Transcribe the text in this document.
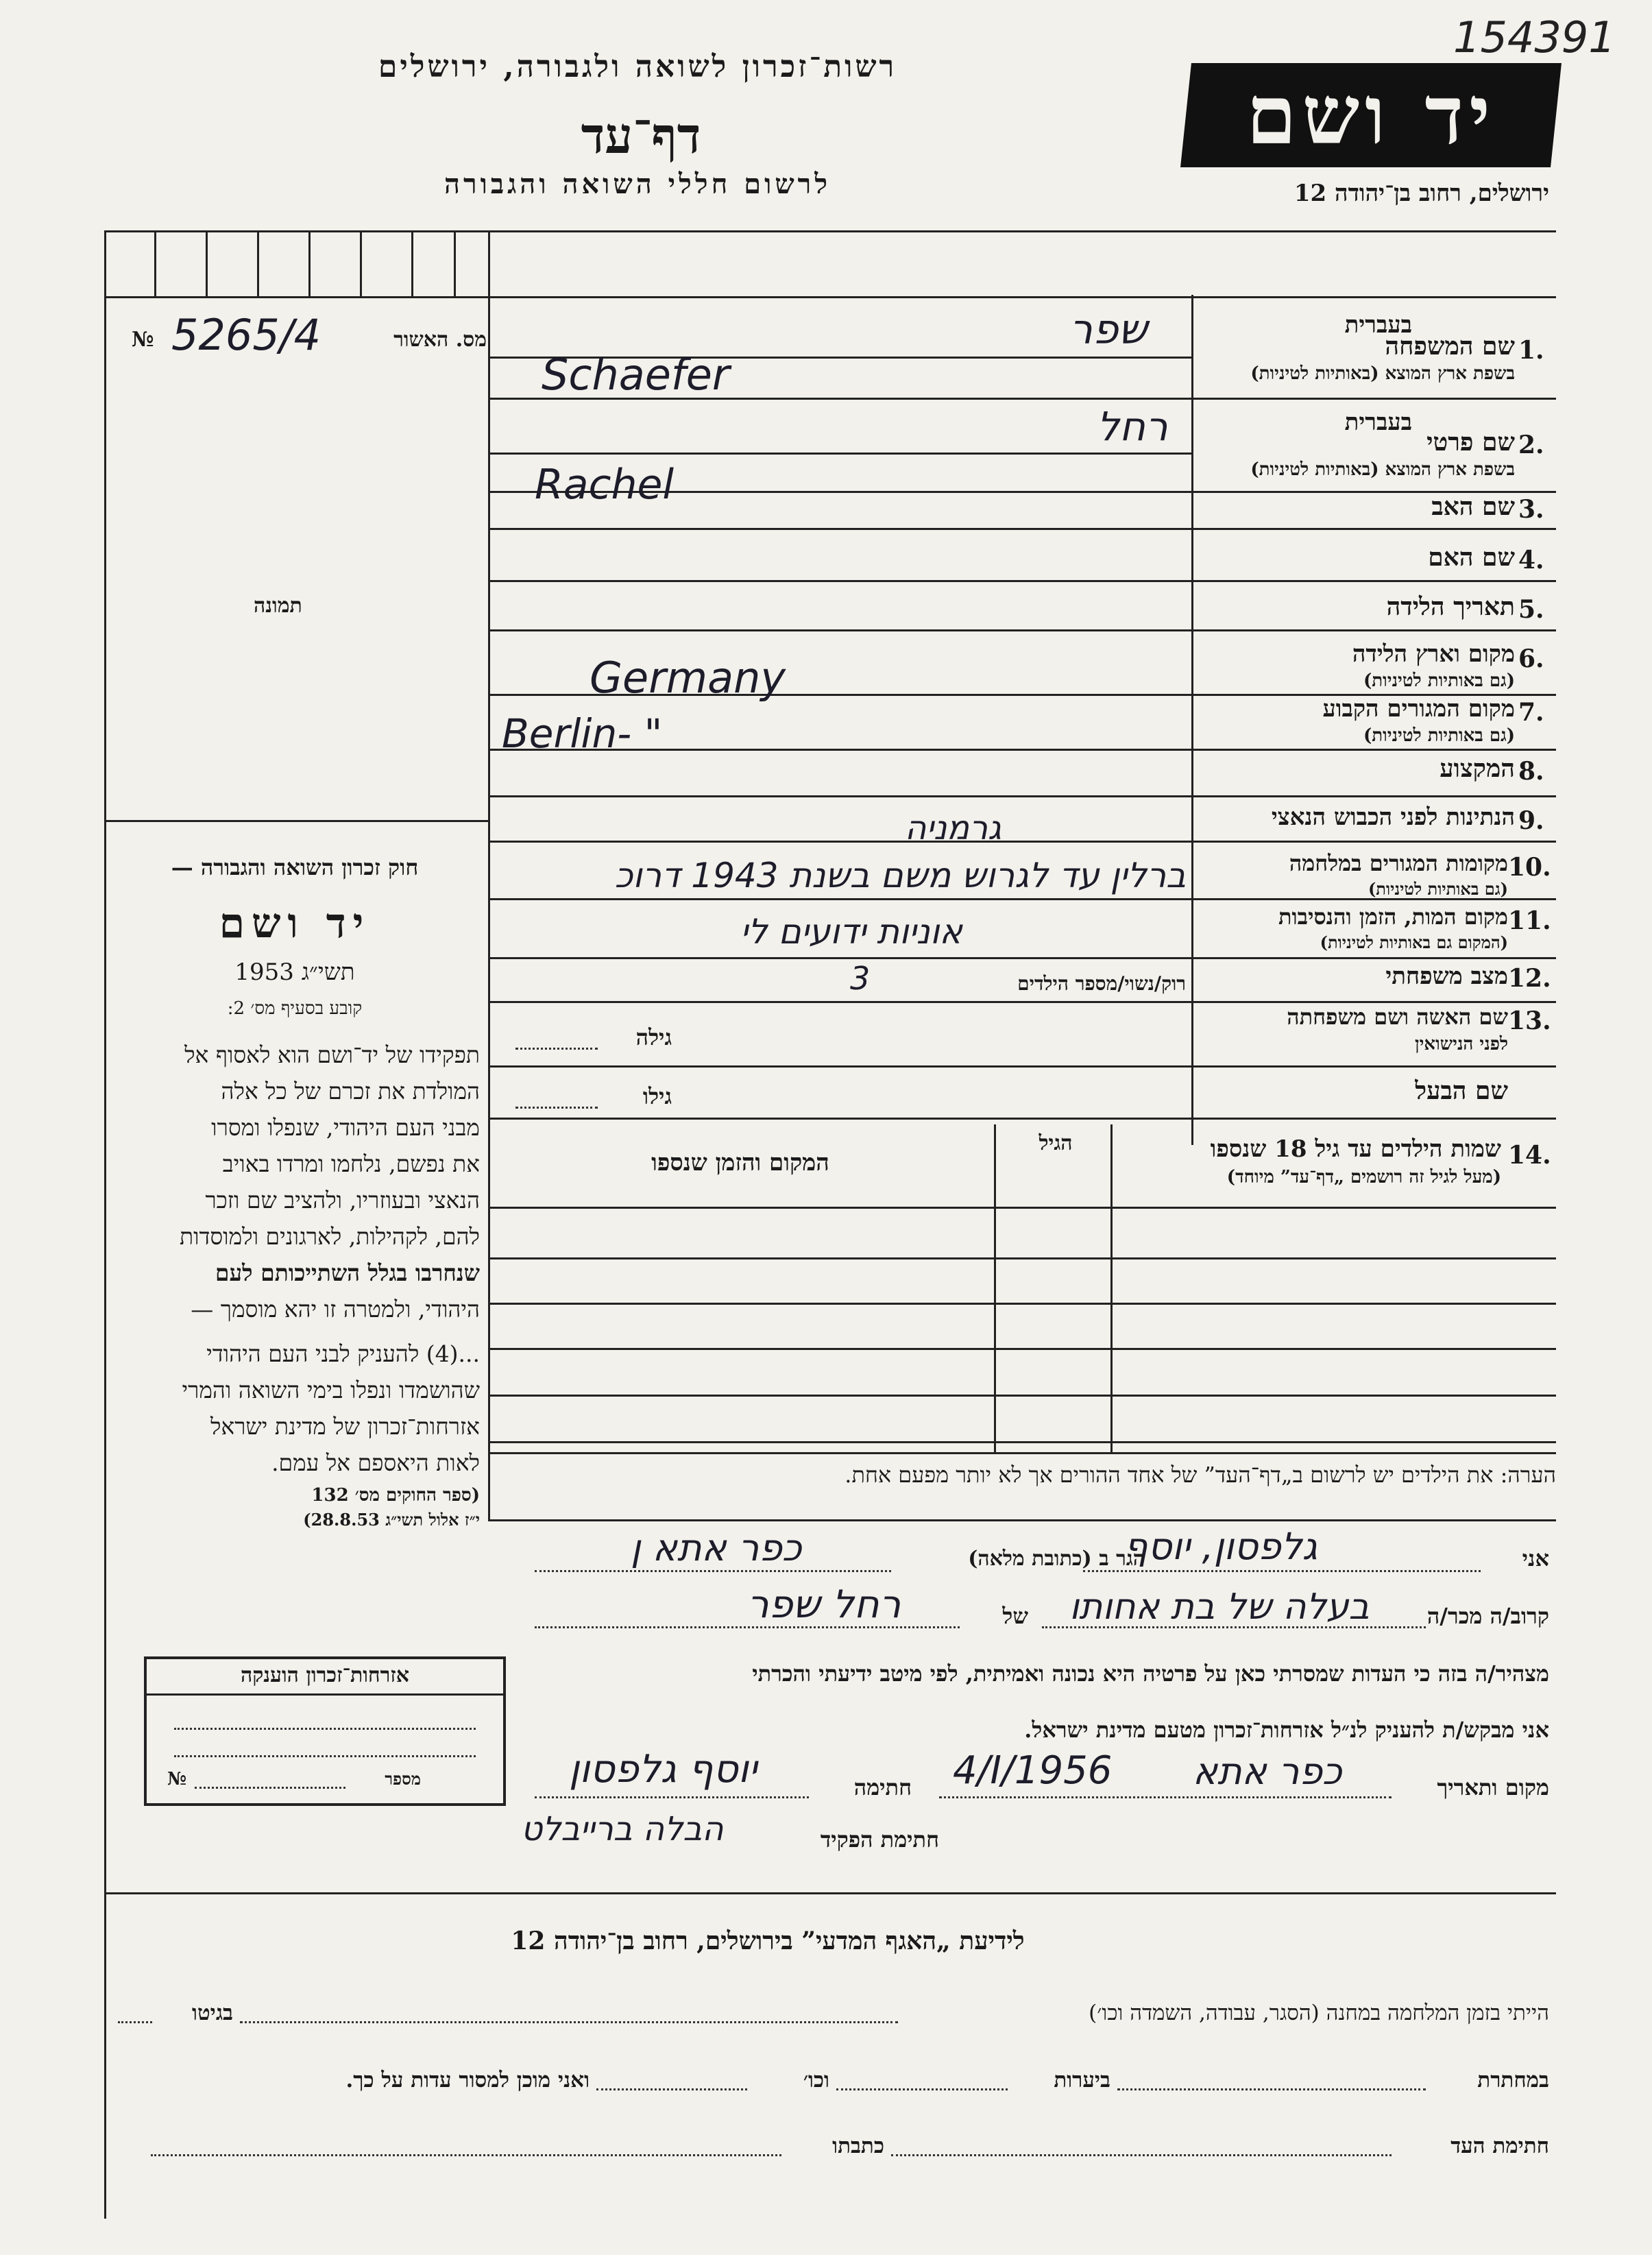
154391
רשות־זכרון לשואה ולגבורה, ירושלים
דף־עד
לרשום חללי השואה והגבורה
יד ושם
ירושלים, רחוב בן־יהודה 12
מס. האשור
5265/4
№
תמונה
בעברית
1.
שם המשפחה
בשפת ארץ המוצא (באותיות לטיניות)
שפר
Schaefer
בעברית
2.
שם פרטי
בשפת ארץ המוצא (באותיות לטיניות)
רחל
Rachel
3.
שם האב
4.
שם האם
5.
תאריך הלידה
6.
מקום וארץ הלידה
(גם באותיות לטיניות)
Germany
7.
מקום המגורים הקבוע
(גם באותיות לטיניות)
Berlin- "
8.
המקצוע
9.
הנתינות לפני הכבוש הנאצי
גרמניה
10.
מקומות המגורים במלחמה
(גם באותיות לטיניות)
ברלין עד לגרוש משם בשנת 1943 דרוכ
11.
מקום המות, הזמן והנסיבות
(המקום גם באותיות לטיניות)
אוניות ידועים לי
12.
מצב משפחתי
רוק/נשוי/מספר הילדים
3
13.
שם האשה ושם משפחתה
לפני הנישואין
גילה
שם הבעל
גילו
14.
שמות הילדים עד גיל 18 שנספו
(מעל לגיל זה רושמים „דף־עד” מיוחד)
הגיל
המקום והזמן שנספו
חוק זכרון השואה והגבורה —
יד ושם
תשי״ג 1953
קובע בסעיף מס׳ 2:
תפקידו של יד־ושם הוא לאסוף אל
המולדת את זכרם של כל אלה
מבני העם היהודי, שנפלו ומסרו
את נפשם, נלחמו ומרדו באויב
הנאצי ובעוזריו, ולהציב שם וזכר
להם, לקהילות, לארגונים ולמוסדות
שנחרבו בגלל השתייכותם לעם
היהודי, ולמטרה זו יהא מוסמך —
...(4) להעניק לבני העם היהודי
שהושמדו ונפלו בימי השואה והמרי
אזרחות־זכרון של מדינת ישראל
לאות היאספם אל עמם.
(ספר החוקים מס׳ 132
י״ז אלול תשי״ג 28.8.53)
הערה: את הילדים יש לרשום ב„דף־העד” של אחד ההורים אך לא יותר מפעם אחת.
אני
גלפסון, יוסף
הגר ב (כתובת מלאה)
כפר אתא ן
קרוב/ה מכר/ה
בעלה של בת אחותו
של
רחל שפר
מצהיר/ה בזה כי העדות שמסרתי כאן על פרטיה היא נכונה ואמיתית, לפי מיטב ידיעתי והכרתי
אני מבקש/ת להעניק לנ״ל אזרחות־זכרון מטעם מדינת ישראל.
מקום ותאריך
כפר אתא
4/I/1956
חתימה
יוסף גלפסון
חתימת הפקיד
הבלה ברייבלט
אזרחות־זכרון הוענקה
מספר
№
לידיעת „האגף המדעי” בירושלים, רחוב בן־יהודה 12
הייתי בזמן המלחמה במחנה (הסגר, עבודה, השמדה וכו׳)
בגיטו
במחתרת
ביערות
וכו׳
ואני מוכן למסור עדות על כך.
חתימת העד
כתבתו
